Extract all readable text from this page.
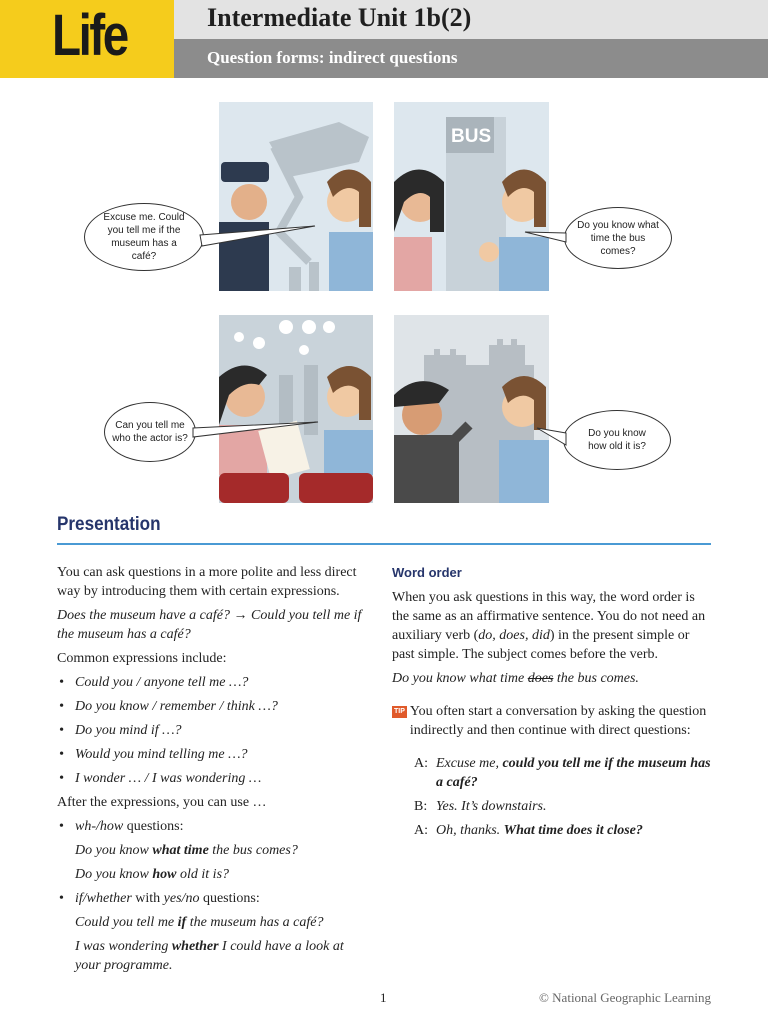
Life	Intermediate Unit 1b(2)
Question forms: indirect questions
BUS
Excuse me. Could you tell me if the museum has a café?
Do you know what time the bus comes?
Can you tell me who the actor is?	Do you know how old it is?
Presentation

You can ask questions in a more polite and less direct way by introducing them with certain expressions.

Does the museum have a café? → Could you tell me if the museum has a café?

Common expressions include:

• Could you / anyone tell me …?
• Do you know / remember / think …?
• Do you mind if …?
• Would you mind telling me …?
• I wonder … / I was wondering …

After the expressions, you can use …

• wh-/how questions:
Do you know what time the bus comes?
Do you know how old it is?
• if/whether with yes/no questions:
Could you tell me if the museum has a café?
I was wondering whether I could have a look at your programme.
Word order

When you ask questions in this way, the word order is the same as an affirmative sentence. You do not need an auxiliary verb (do, does, did) in the present simple or past simple. The subject comes before the verb.

Do you know what time does the bus comes.

TIP You often start a conversation by asking the question indirectly and then continue with direct questions:
A: Excuse me, could you tell me if the museum has a café?
B: Yes. It’s downstairs.
A: Oh, thanks. What time does it close?
1	© National Geographic Learning
